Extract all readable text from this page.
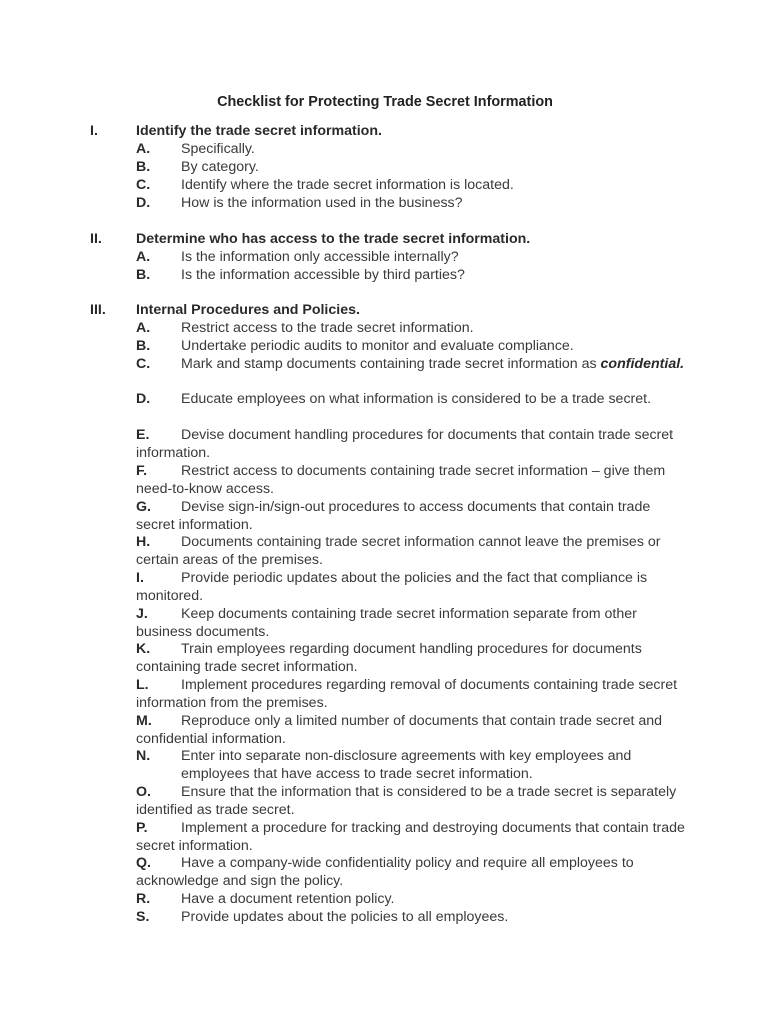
Checklist for Protecting Trade Secret Information
I.	Identify the trade secret information.
A.	Specifically.
B.	By category.
C.	Identify where the trade secret information is located.
D.	How is the information used in the business?
II. Determine who has access to the trade secret information.
A.	Is the information only accessible internally?
B.	Is the information accessible by third parties?
III. Internal Procedures and Policies.
A.	Restrict access to the trade secret information.
B.	Undertake periodic audits to monitor and evaluate compliance.
C. Mark and stamp documents containing trade secret information as confidential.
D. Educate employees on what information is considered to be a trade secret.
E. Devise document handling procedures for documents that contain trade secret information.
F. Restrict access to documents containing trade secret information – give them need-to-know access.
G. Devise sign-in/sign-out procedures to access documents that contain trade secret information.
H. Documents containing trade secret information cannot leave the premises or certain areas of the premises.
I.	Provide periodic updates about the policies and the fact that compliance is monitored.
J. Keep documents containing trade secret information separate from other business documents.
K. Train employees regarding document handling procedures for documents containing trade secret information.
L. Implement procedures regarding removal of documents containing trade secret information from the premises.
M. Reproduce only a limited number of documents that contain trade secret and confidential information.
N.	Enter into separate non-disclosure agreements with key employees and employees that have access to trade secret information.
O. Ensure that the information that is considered to be a trade secret is separately identified as trade secret.
P. Implement a procedure for tracking and destroying documents that contain trade secret information.
Q. Have a company-wide confidentiality policy and require all employees to acknowledge and sign the policy.
R.	Have a document retention policy.
S.	Provide updates about the policies to all employees.
